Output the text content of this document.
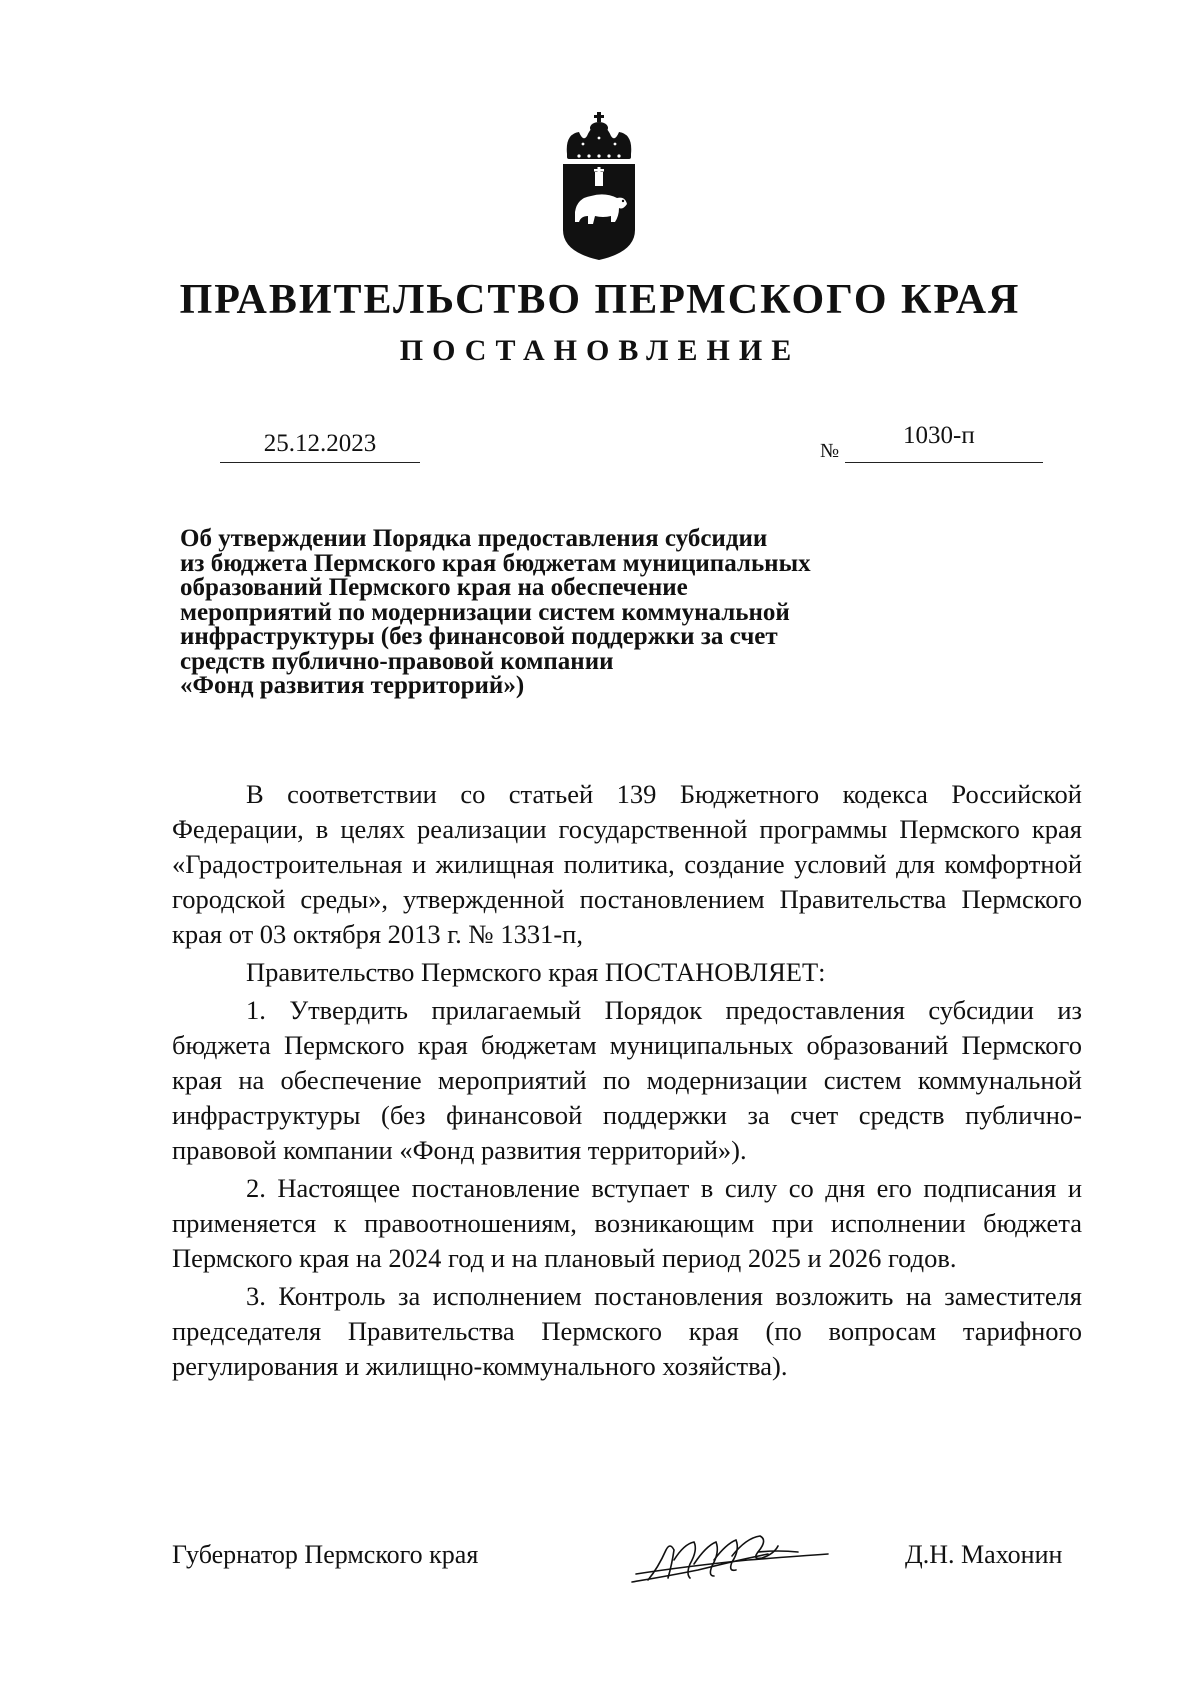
ПРАВИТЕЛЬСТВО ПЕРМСКОГО КРАЯ
ПОСТАНОВЛЕНИЕ
25.12.2023	№
1030-п
Об утверждении Порядка предоставления субсидии
из бюджета Пермского края бюджетам муниципальных
образований Пермского края на обеспечение
мероприятий по модернизации систем коммунальной
инфраструктуры (без финансовой поддержки за счет
средств публично-правовой компании
«Фонд развития территорий»)

В соответствии со статьей 139 Бюджетного кодекса Российской Федерации, в целях реализации государственной программы Пермского края «Градостроительная и жилищная политика, создание условий для комфортной городской среды», утвержденной постановлением Правительства Пермского края от 03 октября 2013 г. № 1331-п,

Правительство Пермского края ПОСТАНОВЛЯЕТ:

1. Утвердить прилагаемый Порядок предоставления субсидии из бюджета Пермского края бюджетам муниципальных образований Пермского края на обеспечение мероприятий по модернизации систем коммунальной инфраструктуры (без финансовой поддержки за счет средств публично-правовой компании «Фонд развития территорий»).

2. Настоящее постановление вступает в силу со дня его подписания и применяется к правоотношениям, возникающим при исполнении бюджета Пермского края на 2024 год и на плановый период 2025 и 2026 годов.

3. Контроль за исполнением постановления возложить на заместителя председателя Правительства Пермского края (по вопросам тарифного регулирования и жилищно-коммунального хозяйства).

Губернатор Пермского края	Д.Н. Махонин
